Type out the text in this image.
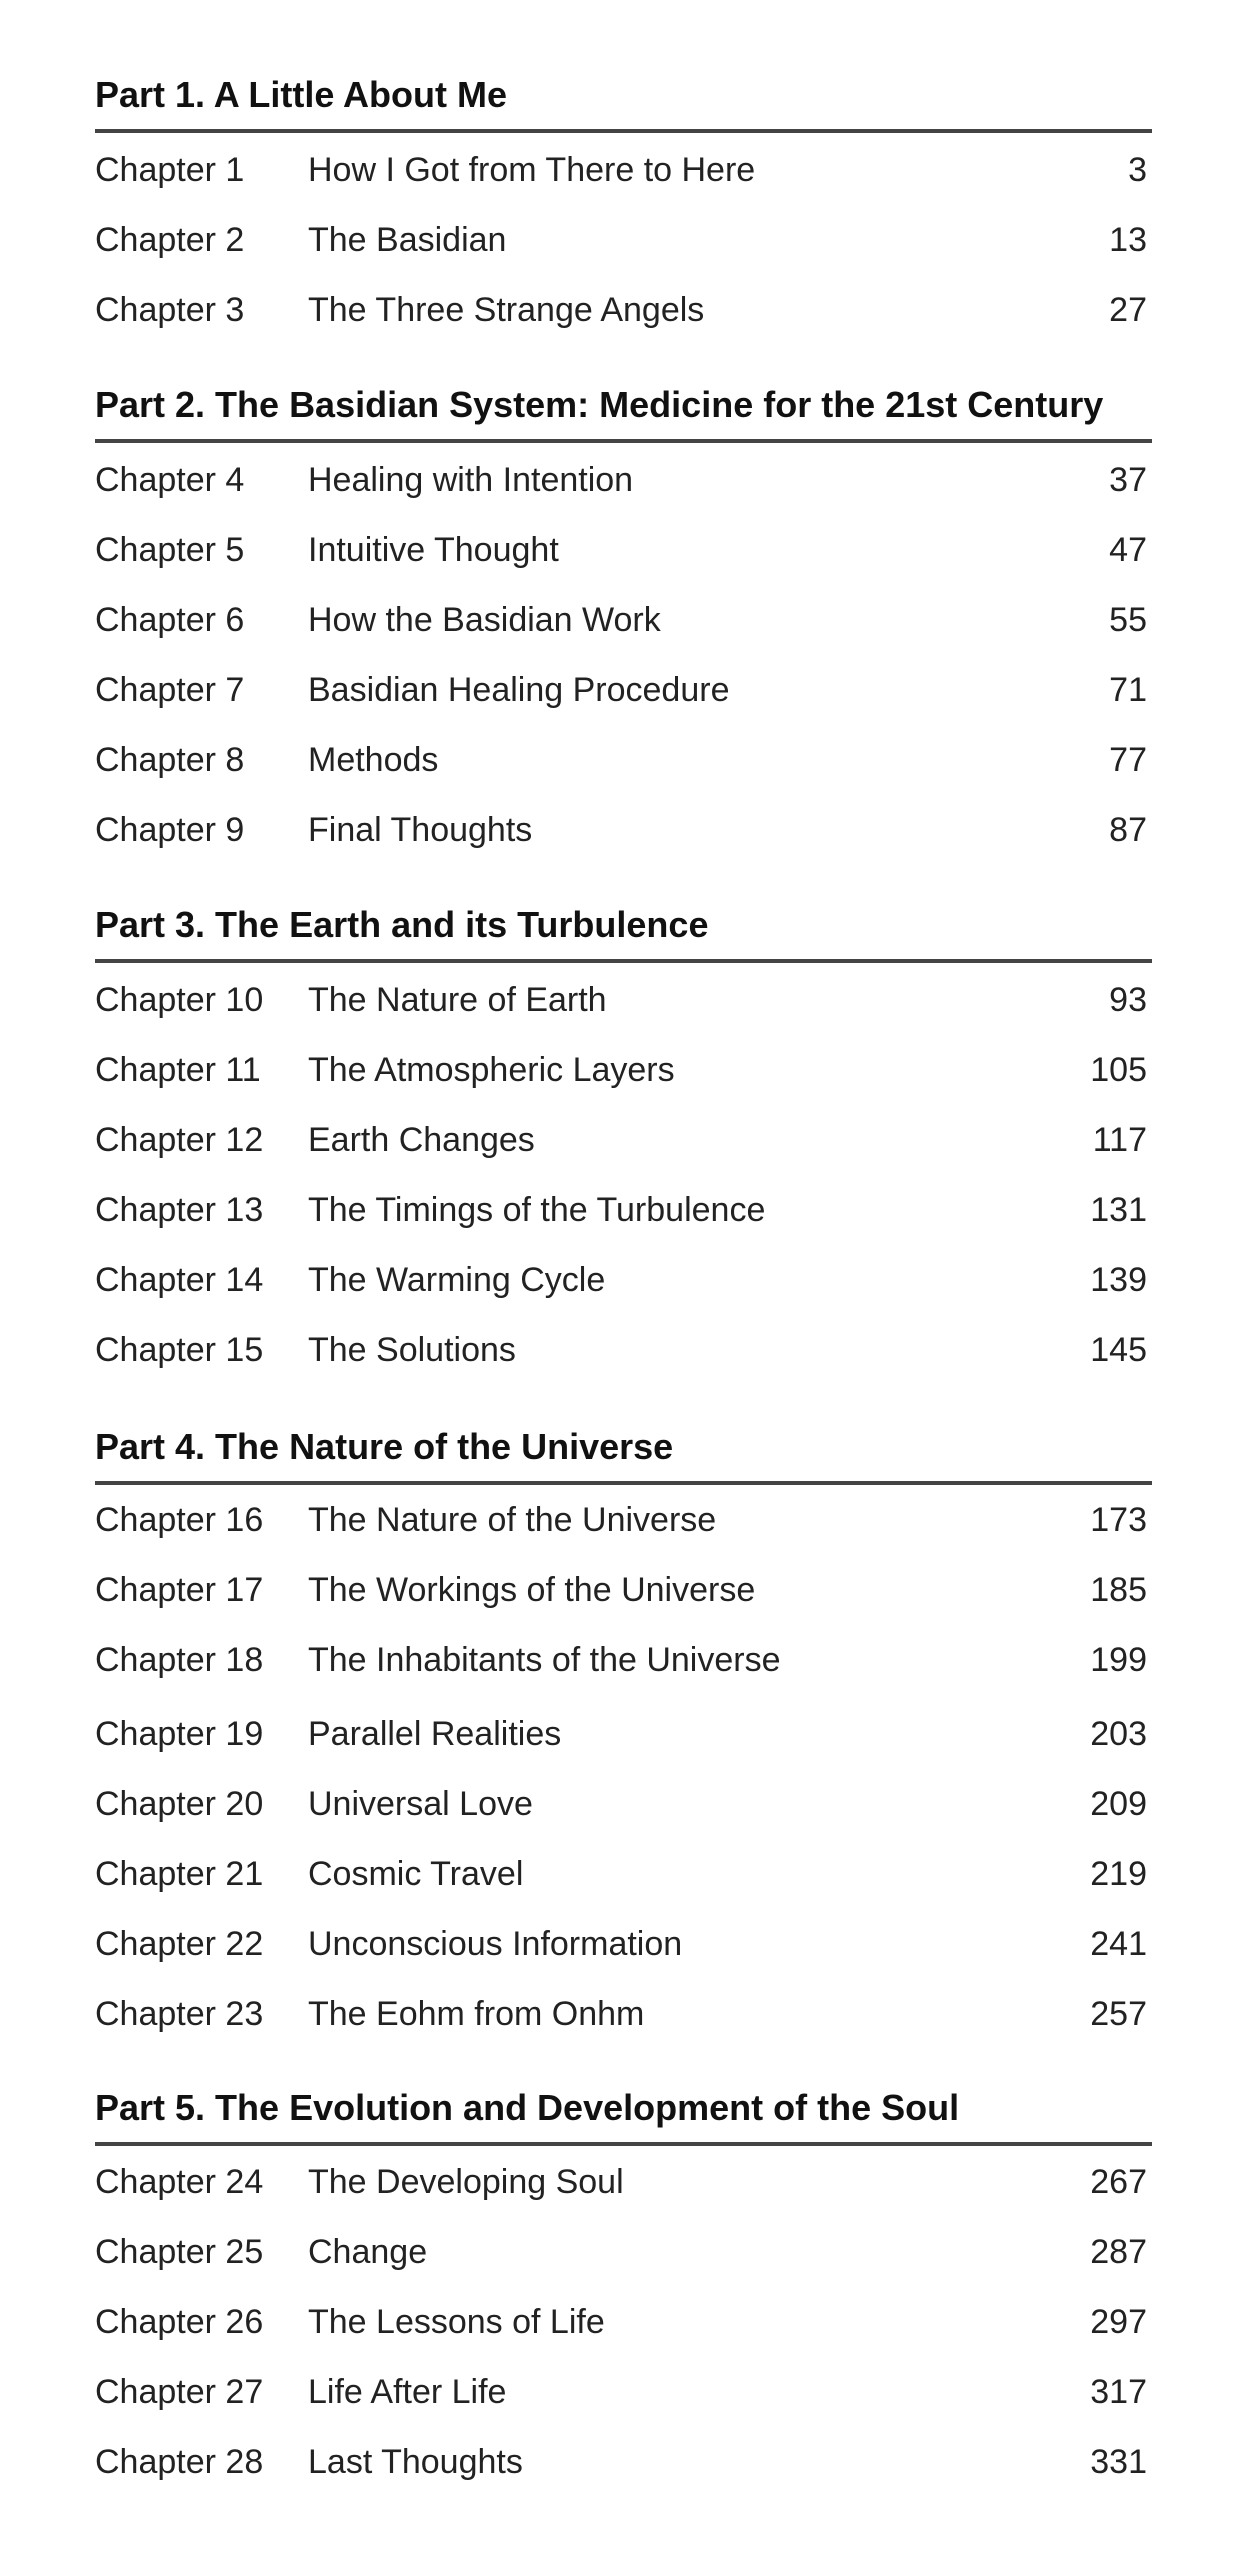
Part 1. A Little About Me
Chapter 1 How I Got from There to Here	3
Chapter 2 The Basidian	13
Chapter 3 The Three Strange Angels	27
Part 2. The Basidian System: Medicine for the 21st Century
Chapter 4 Healing with Intention	37
Chapter 5 Intuitive Thought	47
Chapter 6 How the Basidian Work	55
Chapter 7 Basidian Healing Procedure	71
Chapter 8 Methods	77
Chapter 9 Final Thoughts	87
Part 3. The Earth and its Turbulence
Chapter 10 The Nature of Earth	93
Chapter 11 The Atmospheric Layers	105
Chapter 12 Earth Changes	117
Chapter 13 The Timings of the Turbulence	131
Chapter 14 The Warming Cycle	139
Chapter 15 The Solutions	145
Part 4. The Nature of the Universe
Chapter 16 The Nature of the Universe	173
Chapter 17 The Workings of the Universe	185
Chapter 18 The Inhabitants of the Universe	199
Chapter 19 Parallel Realities	203
Chapter 20 Universal Love	209
Chapter 21 Cosmic Travel	219
Chapter 22 Unconscious Information	241
Chapter 23 The Eohm from Onhm	257
Part 5. The Evolution and Development of the Soul
Chapter 24 The Developing Soul	267
Chapter 25 Change	287
Chapter 26 The Lessons of Life	297
Chapter 27 Life After Life	317
Chapter 28 Last Thoughts	331
